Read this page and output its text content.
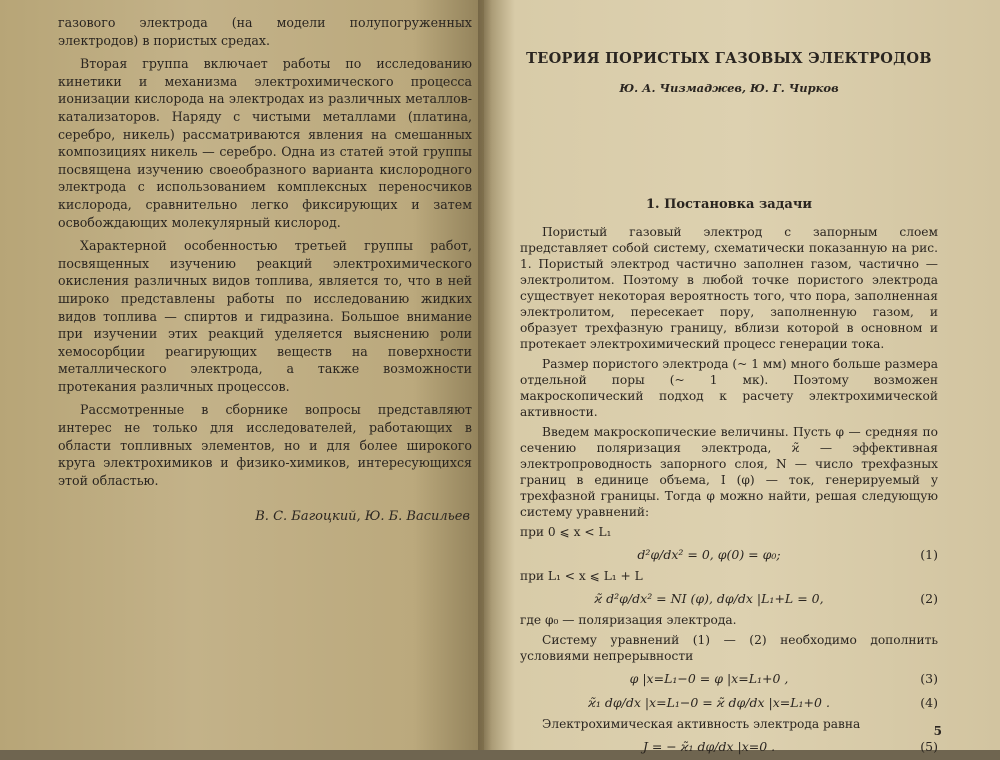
газового электрода (на модели полупогруженных электродов) в пористых средах.

Вторая группа включает работы по исследованию кинетики и механизма электрохимического процесса ионизации кислорода на электродах из различных металлов-катализаторов. Наряду с чистыми металлами (платина, серебро, никель) рассматриваются явления на смешанных композициях никель — серебро. Одна из статей этой группы посвящена изучению своеобразного варианта кислородного электрода с использованием комплексных переносчиков кислорода, сравнительно легко фиксирующих и затем освобождающих молекулярный кислород.

Характерной особенностью третьей группы работ, посвященных изучению реакций электрохимического окисления различных видов топлива, является то, что в ней широко представлены работы по исследованию жидких видов топлива — спиртов и гидразина. Большое внимание при изучении этих реакций уделяется выяснению роли хемосорбции реагирующих веществ на поверхности металлического электрода, а также возможности протекания различных процессов.

Рассмотренные в сборнике вопросы представляют интерес не только для исследователей, работающих в области топливных элементов, но и для более широкого круга электрохимиков и физико-химиков, интересующихся этой областью.

В. С. Багоцкий, Ю. Б. Васильев
ТЕОРИЯ ПОРИСТЫХ ГАЗОВЫХ ЭЛЕКТРОДОВ
Ю. А. Чизмаджев, Ю. Г. Чирков
1. Постановка задачи

Пористый газовый электрод с запорным слоем представляет собой систему, схематически показанную на рис. 1. Пористый электрод частично заполнен газом, частично — электролитом. Поэтому в любой точке пористого электрода существует некоторая вероятность того, что пора, заполненная электролитом, пересекает пору, заполненную газом, и образует трехфазную границу, вблизи которой в основном и протекает электрохимический процесс генерации тока.

Размер пористого электрода (~ 1 мм) много больше размера отдельной поры (~ 1 мк). Поэтому возможен макроскопический подход к расчету электрохимической активности.

Введем макроскопические величины. Пусть φ — средняя по сечению поляризация электрода, ϰ̃ — эффективная электропроводность запорного слоя, N — число трехфазных границ в единице объема, I (φ) — ток, генерируемый у трехфазной границы. Тогда φ можно найти, решая следующую систему уравнений:

при 0 ⩽ x < L₁

d²φ/dx² = 0, φ(0) = φ₀;	(1)

при L₁ < x ⩽ L₁ + L

ϰ̃ d²φ/dx² = NI (φ), dφ/dx |L₁+L = 0,	(2)

где φ₀ — поляризация электрода.

Систему уравнений (1) — (2) необходимо дополнить условиями непрерывности

φ |x=L₁−0 = φ |x=L₁+0 ,	(3)
ϰ̃₁ dφ/dx |x=L₁−0 = ϰ̃ dφ/dx |x=L₁+0 .	(4)

Электрохимическая активность электрода равна

J = − ϰ̃₁ dφ/dx |x=0 .	(5)
5
